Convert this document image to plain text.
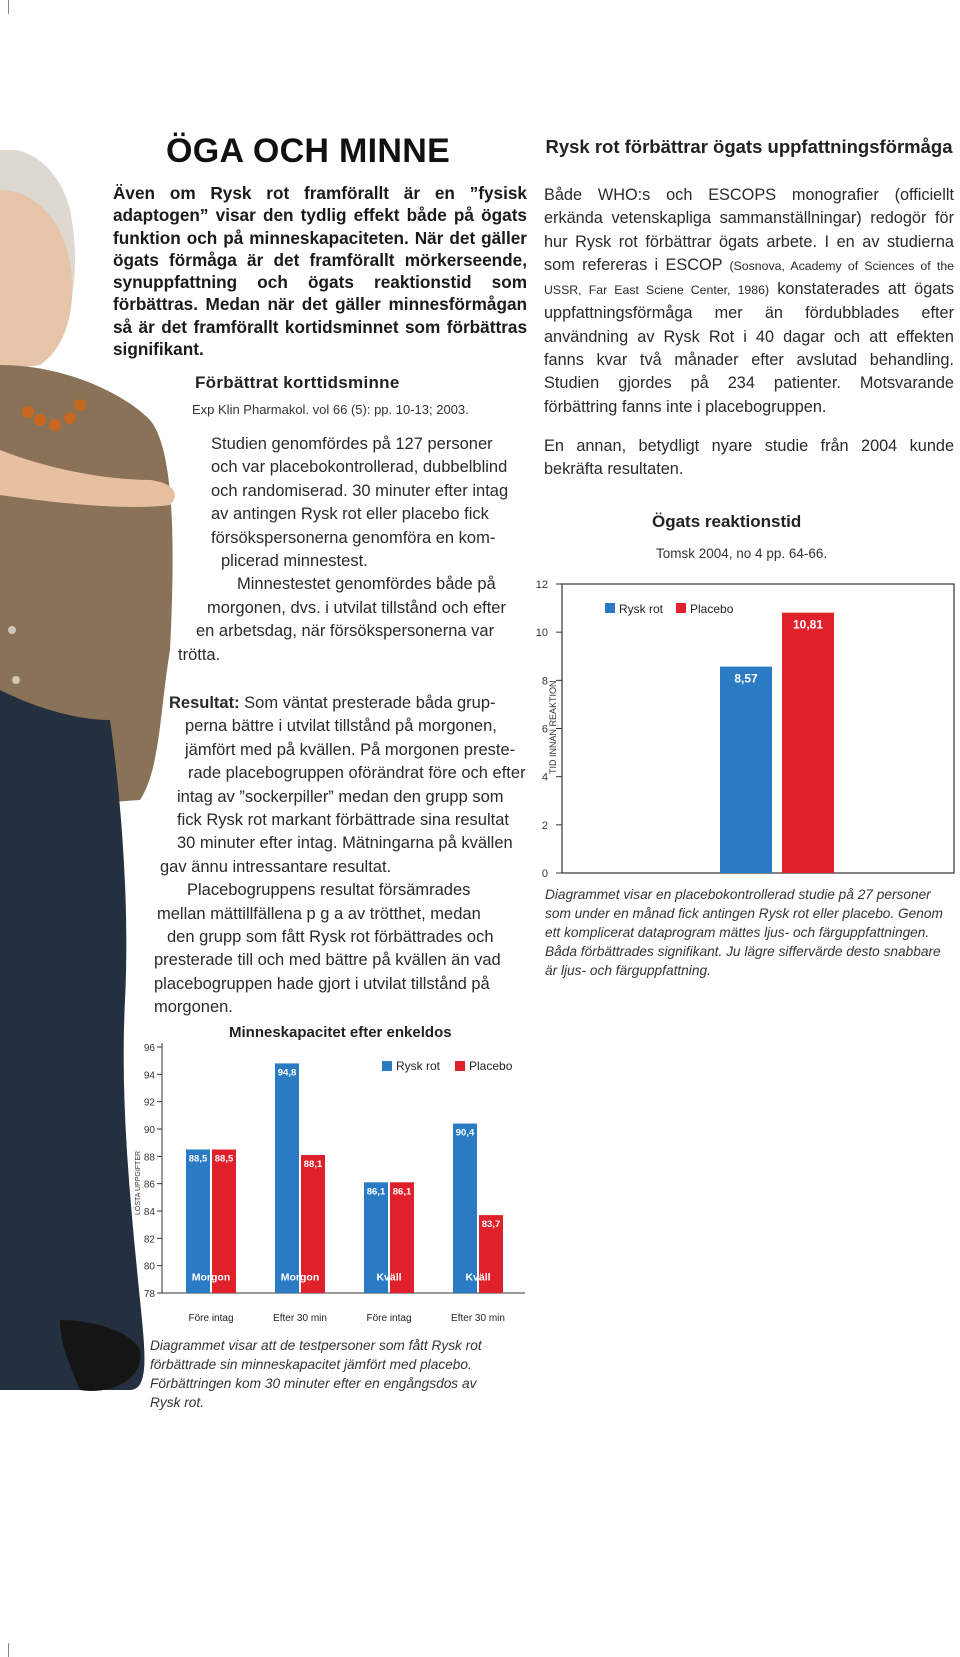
ÖGA OCH MINNE
Även om Rysk rot framförallt är en ”fysisk adaptogen” visar den tydlig effekt både på ögats funktion och på minneskapaciteten. När det gäller ögats förmåga är det framförallt mörkerseende, synuppfattning och ögats reaktionstid som förbättras. Medan när det gäller minnesförmågan så är det framförallt kortidsminnet som förbättras signifikant.
Förbättrat korttidsminne
Exp Klin Pharmakol. vol 66 (5): pp. 10-13; 2003.
Studien genomfördes på 127 personer
och var placebokontrollerad, dubbelblind
och randomiserad. 30 minuter efter intag
av antingen Rysk rot eller placebo fick
försökspersonerna genomföra en kom-
plicerad minnestest.
Minnestestet genomfördes både på
morgonen, dvs. i utvilat tillstånd och efter
en arbetsdag, när försökspersonerna var
trötta.
Resultat: Som väntat presterade båda grup-
perna bättre i utvilat tillstånd på morgonen,
jämfört med på kvällen. På morgonen preste-
rade placebogruppen oförändrat före och efter
intag av ”sockerpiller” medan den grupp som
fick Rysk rot markant förbättrade sina resultat
30 minuter efter intag. Mätningarna på kvällen
gav ännu intressantare resultat.
Placebogruppens resultat försämrades
mellan mättillfällena p g a av trötthet, medan
den grupp som fått Rysk rot förbättrades och
presterade till och med bättre på kvällen än vad
placebogruppen hade gjort i utvilat tillstånd på
morgonen.
Rysk rot förbättrar ögats uppfattningsförmåga
Både WHO:s och ESCOPS monografier (officiellt erkända vetenskapliga sammanställningar) redogör för hur Rysk rot förbättrar ögats arbete. I en av studierna som refereras i ESCOP (Sosnova, Academy of Sciences of the USSR, Far East Sciene Center, 1986) konstaterades att ögats uppfattningsförmåga mer än fördubblades efter användning av Rysk Rot i 40 dagar och att effekten fanns kvar två månader efter avslutad behandling. Studien gjordes på 234 patienter. Motsvarande förbättring fanns inte i placebogruppen.
En annan, betydligt nyare studie från 2004 kunde bekräfta resultaten.
Ögats reaktionstid
Tomsk 2004, no 4 pp. 64-66.
0
2
4
6
8
10
12
TID INNAN REAKTION
8,57
10,81
Rysk rot Placebo
Diagrammet visar en placebokontrollerad studie på 27 personer som under en månad fick antingen Rysk rot eller placebo. Genom ett komplicerat dataprogram mättes ljus- och färguppfattningen. Båda förbättrades signifikant. Ju lägre siffervärde desto snabbare är ljus- och färguppfattning.
Minneskapacitet efter enkeldos
78
80
82
84
86
88
90
92
94
96
LÖSTA UPPGIFTER	88,5 88,5
Morgon
Före intag
94,8
88,1
Morgon
Efter 30 min
86,1 86,1
Kväll
Före intag
90,4
83,7
Kväll
Efter 30 min
Rysk rot Placebo
Diagrammet visar att de testpersoner som fått Rysk rot förbättrade sin minneskapacitet jämfört med placebo. Förbättringen kom 30 minuter efter en engångsdos av Rysk rot.
